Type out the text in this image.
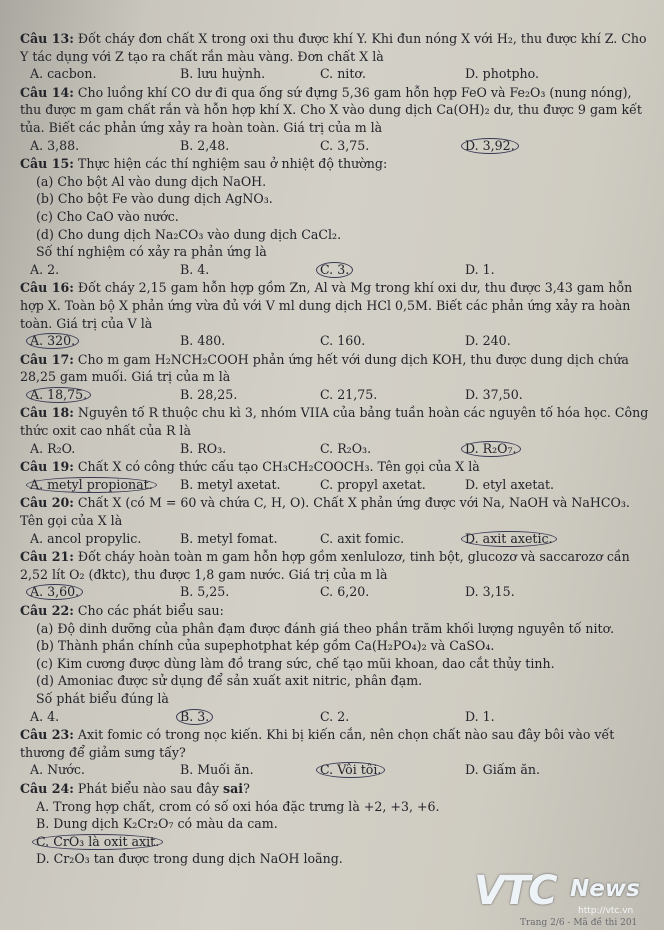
Câu 13: Đốt cháy đơn chất X trong oxi thu được khí Y. Khi đun nóng X với H₂, thu được khí Z. Cho Y tác dụng với Z tạo ra chất rắn màu vàng. Đơn chất X là
A. cacbon.	B. lưu huỳnh.	C. nitơ.	D. photpho.
Câu 14: Cho luồng khí CO dư đi qua ống sứ đựng 5,36 gam hỗn hợp FeO và Fe₂O₃ (nung nóng), thu được m gam chất rắn và hỗn hợp khí X. Cho X vào dung dịch Ca(OH)₂ dư, thu được 9 gam kết tủa. Biết các phản ứng xảy ra hoàn toàn. Giá trị của m là
A. 3,88.	B. 2,48.	C. 3,75.	D. 3,92.
Câu 15: Thực hiện các thí nghiệm sau ở nhiệt độ thường:
(a) Cho bột Al vào dung dịch NaOH.
(b) Cho bột Fe vào dung dịch AgNO₃.
(c) Cho CaO vào nước.
(d) Cho dung dịch Na₂CO₃ vào dung dịch CaCl₂.
Số thí nghiệm có xảy ra phản ứng là
A. 2.	B. 4.	C. 3.	D. 1.
Câu 16: Đốt cháy 2,15 gam hỗn hợp gồm Zn, Al và Mg trong khí oxi dư, thu được 3,43 gam hỗn hợp X. Toàn bộ X phản ứng vừa đủ với V ml dung dịch HCl 0,5M. Biết các phản ứng xảy ra hoàn toàn. Giá trị của V là
A. 320.	B. 480.	C. 160.	D. 240.
Câu 17: Cho m gam H₂NCH₂COOH phản ứng hết với dung dịch KOH, thu được dung dịch chứa 28,25 gam muối. Giá trị của m là
A. 18,75.	B. 28,25.	C. 21,75.	D. 37,50.
Câu 18: Nguyên tố R thuộc chu kì 3, nhóm VIIA của bảng tuần hoàn các nguyên tố hóa học. Công thức oxit cao nhất của R là
A. R₂O.	B. RO₃.	C. R₂O₃.	D. R₂O₇.
Câu 19: Chất X có công thức cấu tạo CH₃CH₂COOCH₃. Tên gọi của X là
A. metyl propionat.	B. metyl axetat.	C. propyl axetat.	D. etyl axetat.
Câu 20: Chất X (có M = 60 và chứa C, H, O). Chất X phản ứng được với Na, NaOH và NaHCO₃. Tên gọi của X là
A. ancol propylic.	B. metyl fomat.	C. axit fomic.	D. axit axetic.
Câu 21: Đốt cháy hoàn toàn m gam hỗn hợp gồm xenlulozơ, tinh bột, glucozơ và saccarozơ cần 2,52 lít O₂ (đktc), thu được 1,8 gam nước. Giá trị của m là
A. 3,60.	B. 5,25.	C. 6,20.	D. 3,15.
Câu 22: Cho các phát biểu sau:
(a) Độ dinh dưỡng của phân đạm được đánh giá theo phần trăm khối lượng nguyên tố nitơ.
(b) Thành phần chính của supephotphat kép gồm Ca(H₂PO₄)₂ và CaSO₄.
(c) Kim cương được dùng làm đồ trang sức, chế tạo mũi khoan, dao cắt thủy tinh.
(d) Amoniac được sử dụng để sản xuất axit nitric, phân đạm.
Số phát biểu đúng là
A. 4.	B. 3.	C. 2.	D. 1.
Câu 23: Axit fomic có trong nọc kiến. Khi bị kiến cắn, nên chọn chất nào sau đây bôi vào vết thương để giảm sưng tấy?
A. Nước.	B. Muối ăn.	C. Vôi tôi.	D. Giấm ăn.
Câu 24: Phát biểu nào sau đây sai?
A. Trong hợp chất, crom có số oxi hóa đặc trưng là +2, +3, +6.
B. Dung dịch K₂Cr₂O₇ có màu da cam.
C. CrO₃ là oxit axit.
D. Cr₂O₃ tan được trong dung dịch NaOH loãng.
VTC News
http://vtc.vn
Trang 2/6 - Mã đề thi 201
